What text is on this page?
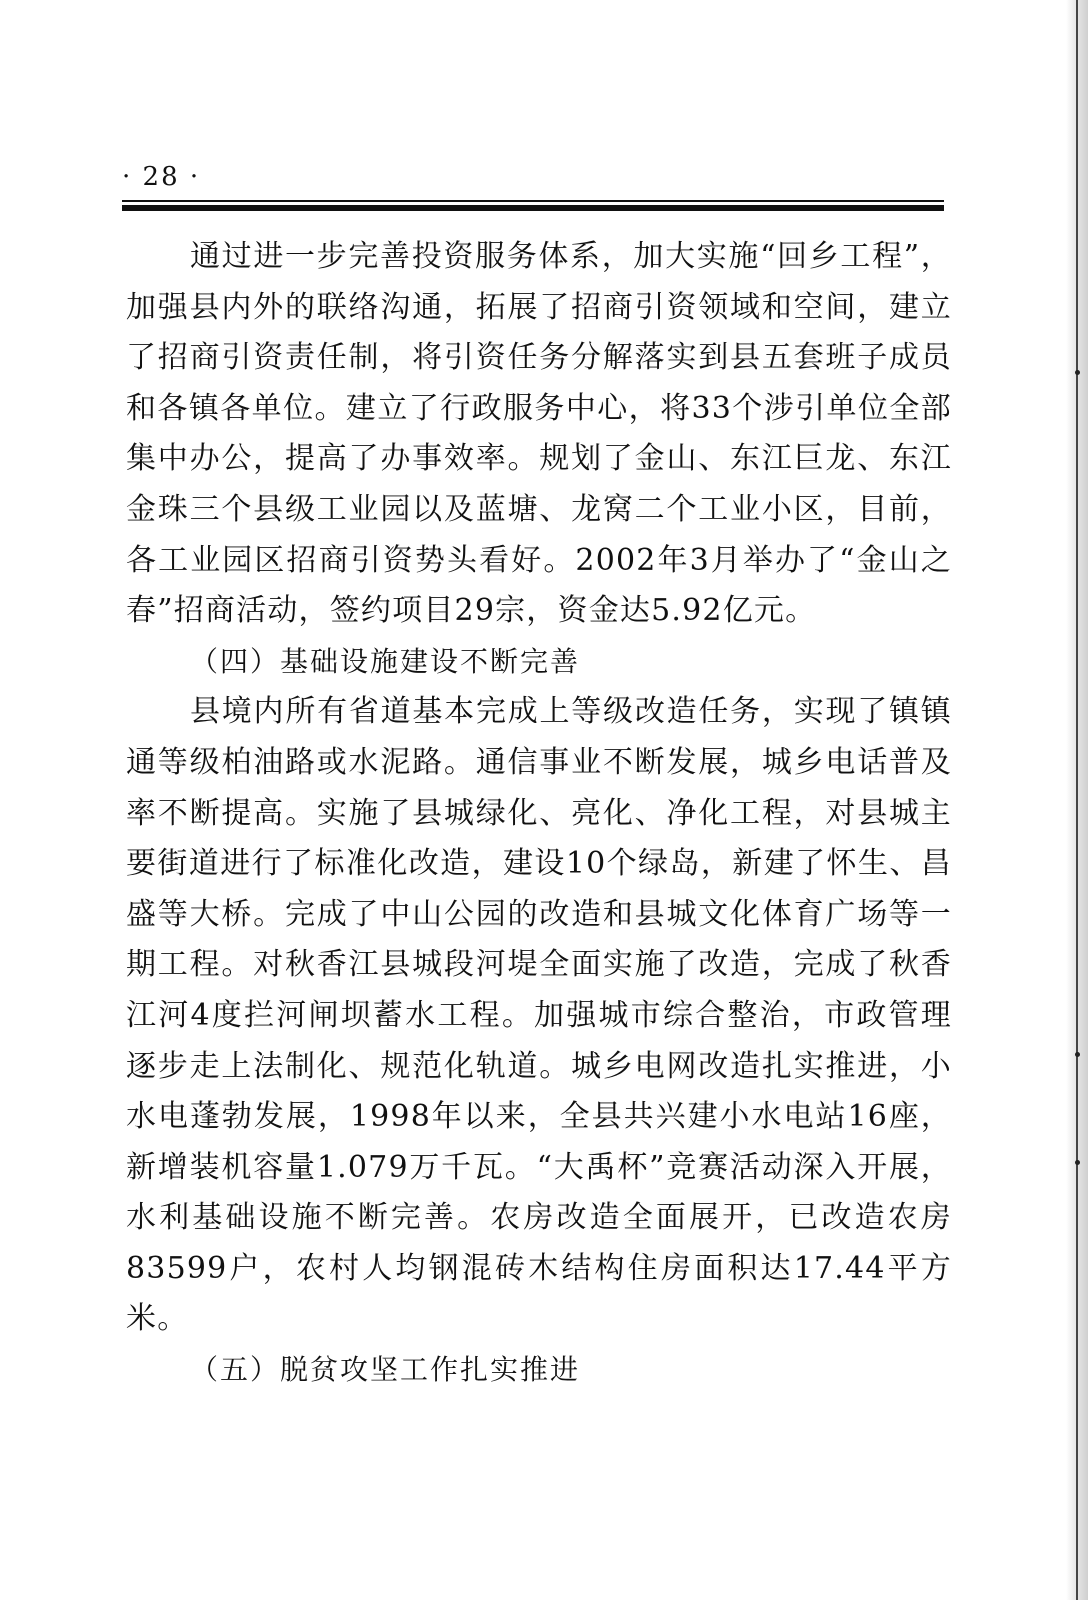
· 28 ·

通过进一步完善投资服务体系，加大实施“回乡工程”，加强县内外的联络沟通，拓展了招商引资领域和空间，建立了招商引资责任制，将引资任务分解落实到县五套班子成员和各镇各单位。建立了行政服务中心，将33个涉引单位全部集中办公，提高了办事效率。规划了金山、东江巨龙、东江金珠三个县级工业园以及蓝塘、龙窝二个工业小区，目前，各工业园区招商引资势头看好。2002年3月举办了“金山之春”招商活动，签约项目29宗，资金达5.92亿元。

（四）基础设施建设不断完善

县境内所有省道基本完成上等级改造任务，实现了镇镇通等级柏油路或水泥路。通信事业不断发展，城乡电话普及率不断提高。实施了县城绿化、亮化、净化工程，对县城主要街道进行了标准化改造，建设10个绿岛，新建了怀生、昌盛等大桥。完成了中山公园的改造和县城文化体育广场等一期工程。对秋香江县城段河堤全面实施了改造，完成了秋香江河4度拦河闸坝蓄水工程。加强城市综合整治，市政管理逐步走上法制化、规范化轨道。城乡电网改造扎实推进，小水电蓬勃发展，1998年以来，全县共兴建小水电站16座，新增装机容量1.079万千瓦。“大禹杯”竞赛活动深入开展，水利基础设施不断完善。农房改造全面展开，已改造农房83599户，农村人均钢混砖木结构住房面积达17.44平方米。

（五）脱贫攻坚工作扎实推进
